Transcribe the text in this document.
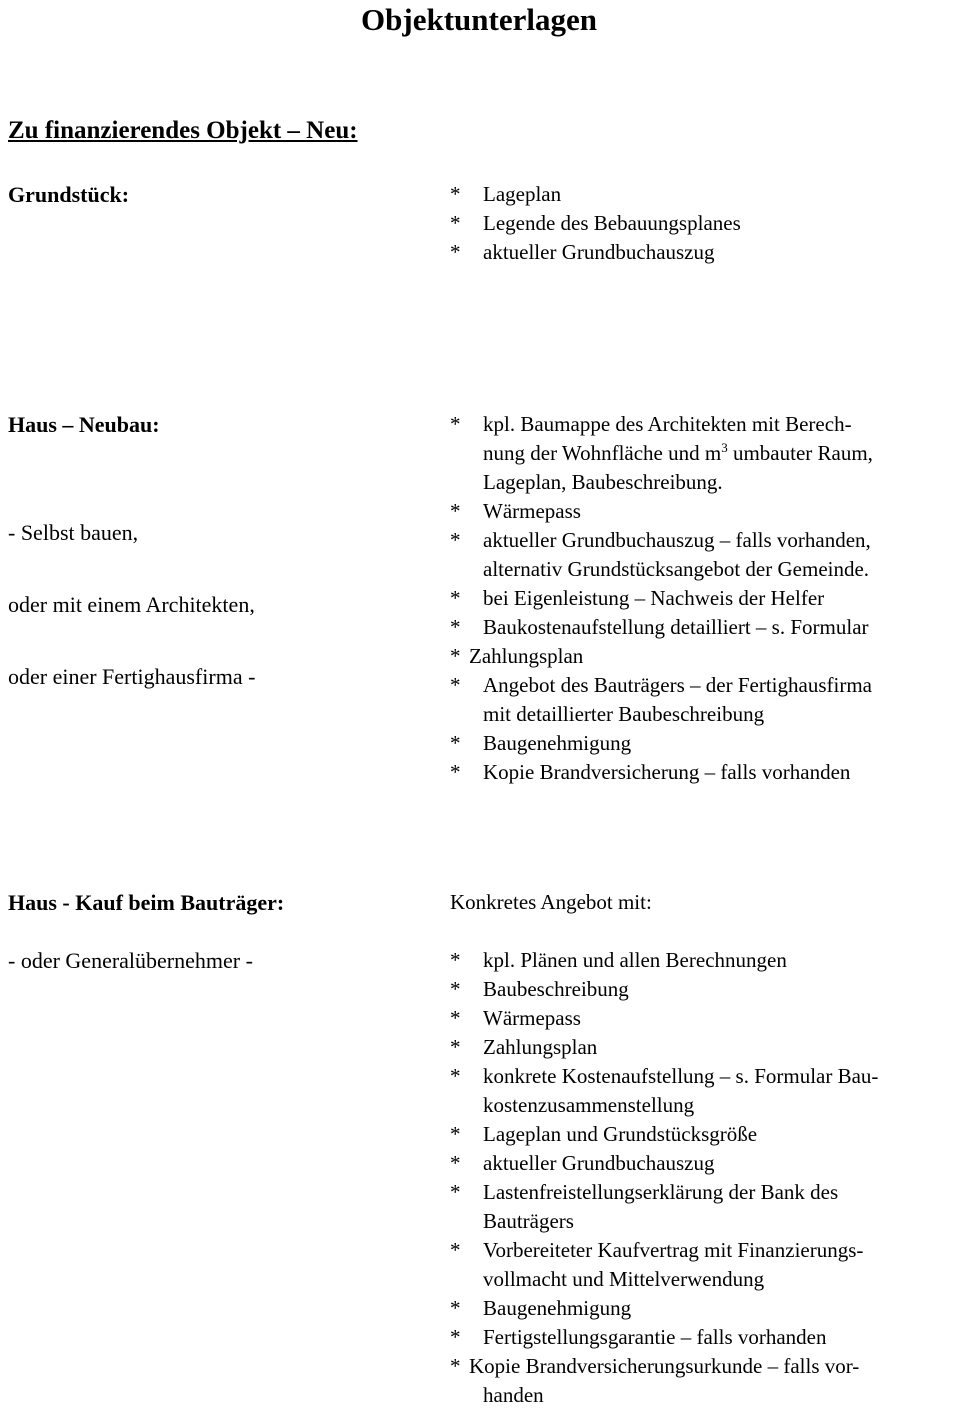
Objektunterlagen
Zu finanzierendes Objekt – Neu:
Grundstück:	* Lageplan
* Legende des Bebauungsplanes
* aktueller Grundbuchauszug
Haus – Neubau:
- Selbst bauen,
oder mit einem Architekten,
oder einer Fertighausfirma -
* kpl. Baumappe des Architekten mit Berech-
nung der Wohnfläche und $m^3$ umbauter Raum,
Lageplan, Baubeschreibung.
* Wärmepass
* aktueller Grundbuchauszug – falls vorhanden,
alternativ Grundstücksangebot der Gemeinde.
* bei Eigenleistung – Nachweis der Helfer
* Baukostenaufstellung detailliert – s. Formular
* Zahlungsplan
* Angebot des Bauträgers – der Fertighausfirma
mit detaillierter Baubeschreibung
* Baugenehmigung
* Kopie Brandversicherung – falls vorhanden
Haus - Kauf beim Bauträger:
- oder Generalübernehmer -
Konkretes Angebot mit:
* kpl. Plänen und allen Berechnungen
* Baubeschreibung
* Wärmepass
* Zahlungsplan
* konkrete Kostenaufstellung – s. Formular Bau-
kostenzusammenstellung
* Lageplan und Grundstücksgröße
* aktueller Grundbuchauszug
* Lastenfreistellungserklärung der Bank des
Bauträgers
* Vorbereiteter Kaufvertrag mit Finanzierungs-
vollmacht und Mittelverwendung
* Baugenehmigung
* Fertigstellungsgarantie – falls vorhanden
* Kopie Brandversicherungsurkunde – falls vor-
handen
